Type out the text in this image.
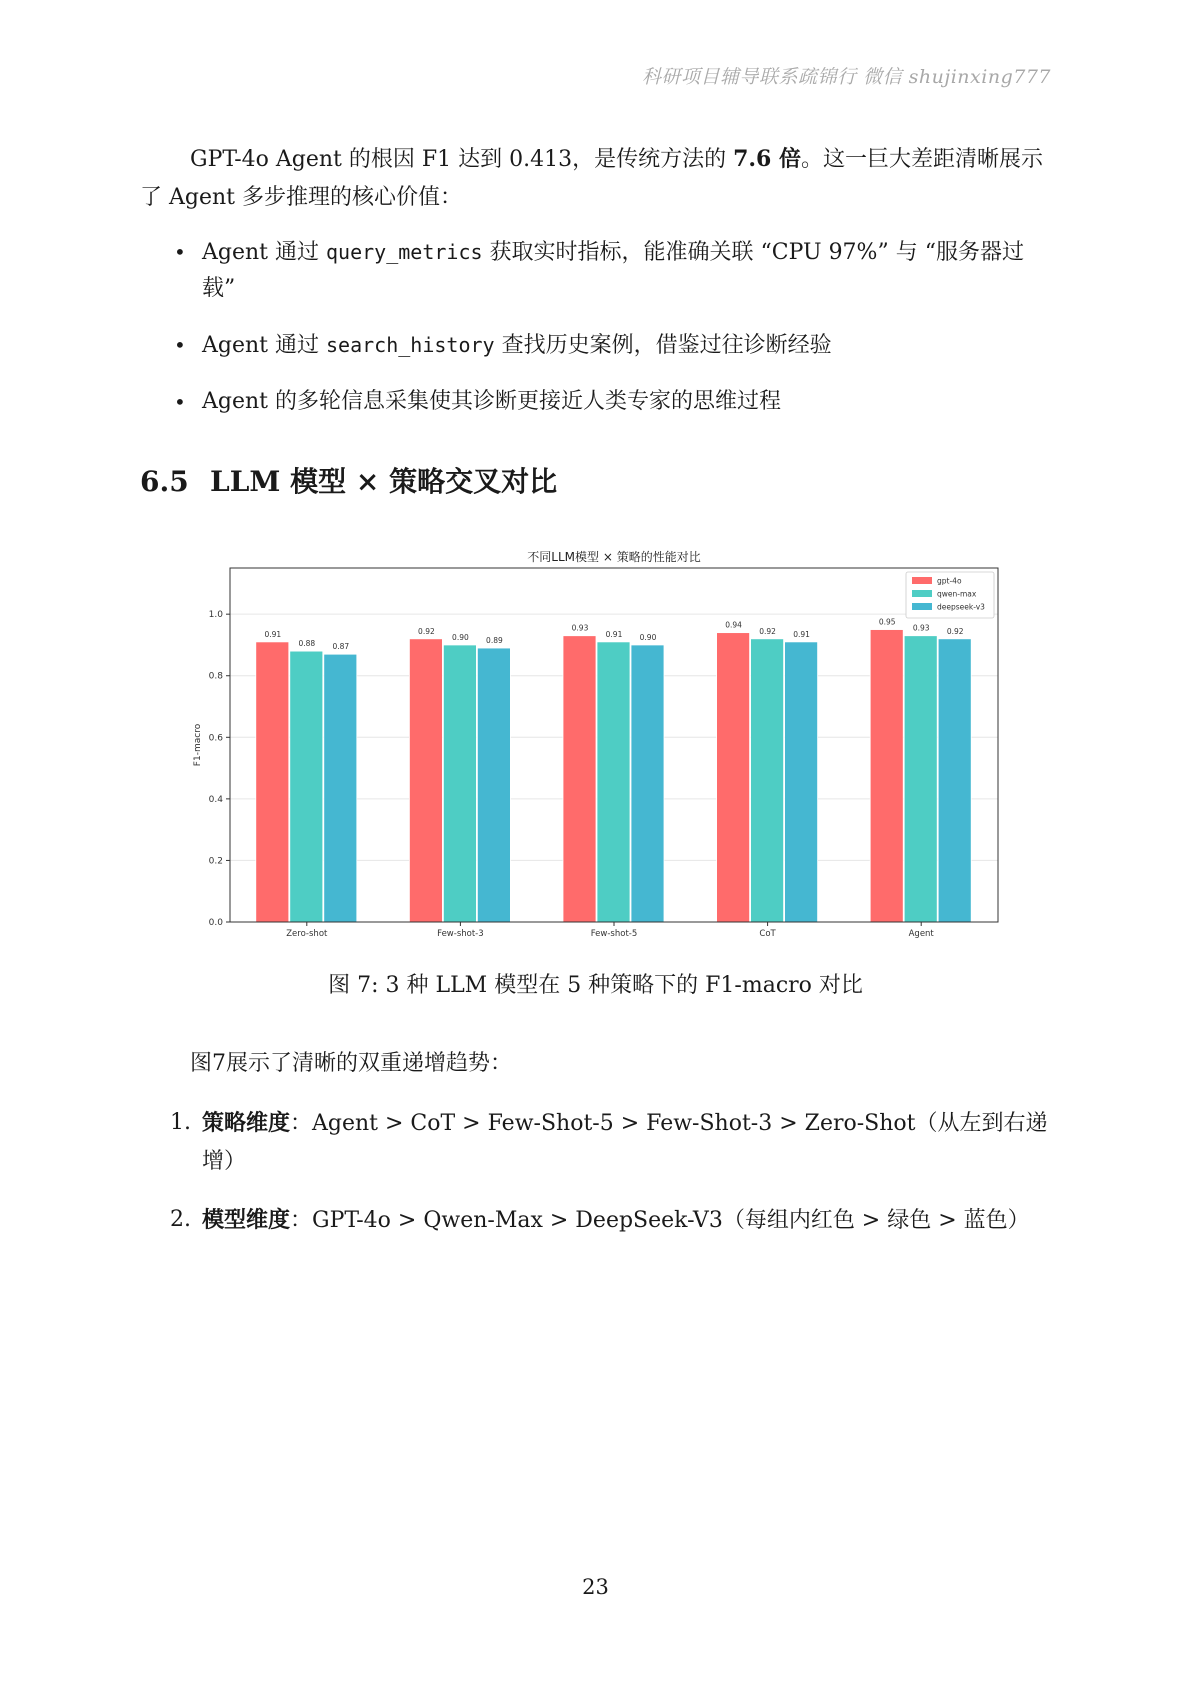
科研项目辅导联系疏锦行 微信 shujinxing777

GPT-4o Agent 的根因 F1 达到 0.413，是传统方法的 7.6 倍。这一巨大差距清晰展示了 Agent 多步推理的核心价值：

• Agent 通过 query_metrics 获取实时指标，能准确关联 “CPU 97%” 与 “服务器过载”
• Agent 通过 search_history 查找历史案例，借鉴过往诊断经验
• Agent 的多轮信息采集使其诊断更接近人类专家的思维过程
6.5 LLM 模型 × 策略交叉对比
不同LLM模型 × 策略的性能对比
0.0
0.2
0.4
0.6
0.8
1.0
F1-macro
0.91
0.88 0.87
Zero-shot
0.92
0.90 0.89
Few-shot-3
0.93
0.91 0.90
Few-shot-5
0.94
0.92 0.91
CoT
0.95
0.93 0.92
Agent
gpt-4o
qwen-max
deepseek-v3
图 7: 3 种 LLM 模型在 5 种策略下的 F1-macro 对比
图7展示了清晰的双重递增趋势：
1. 策略维度：Agent > CoT > Few-Shot-5 > Few-Shot-3 > Zero-Shot（从左到右递增）
2. 模型维度：GPT-4o > Qwen-Max > DeepSeek-V3（每组内红色 > 绿色 > 蓝色）
23
